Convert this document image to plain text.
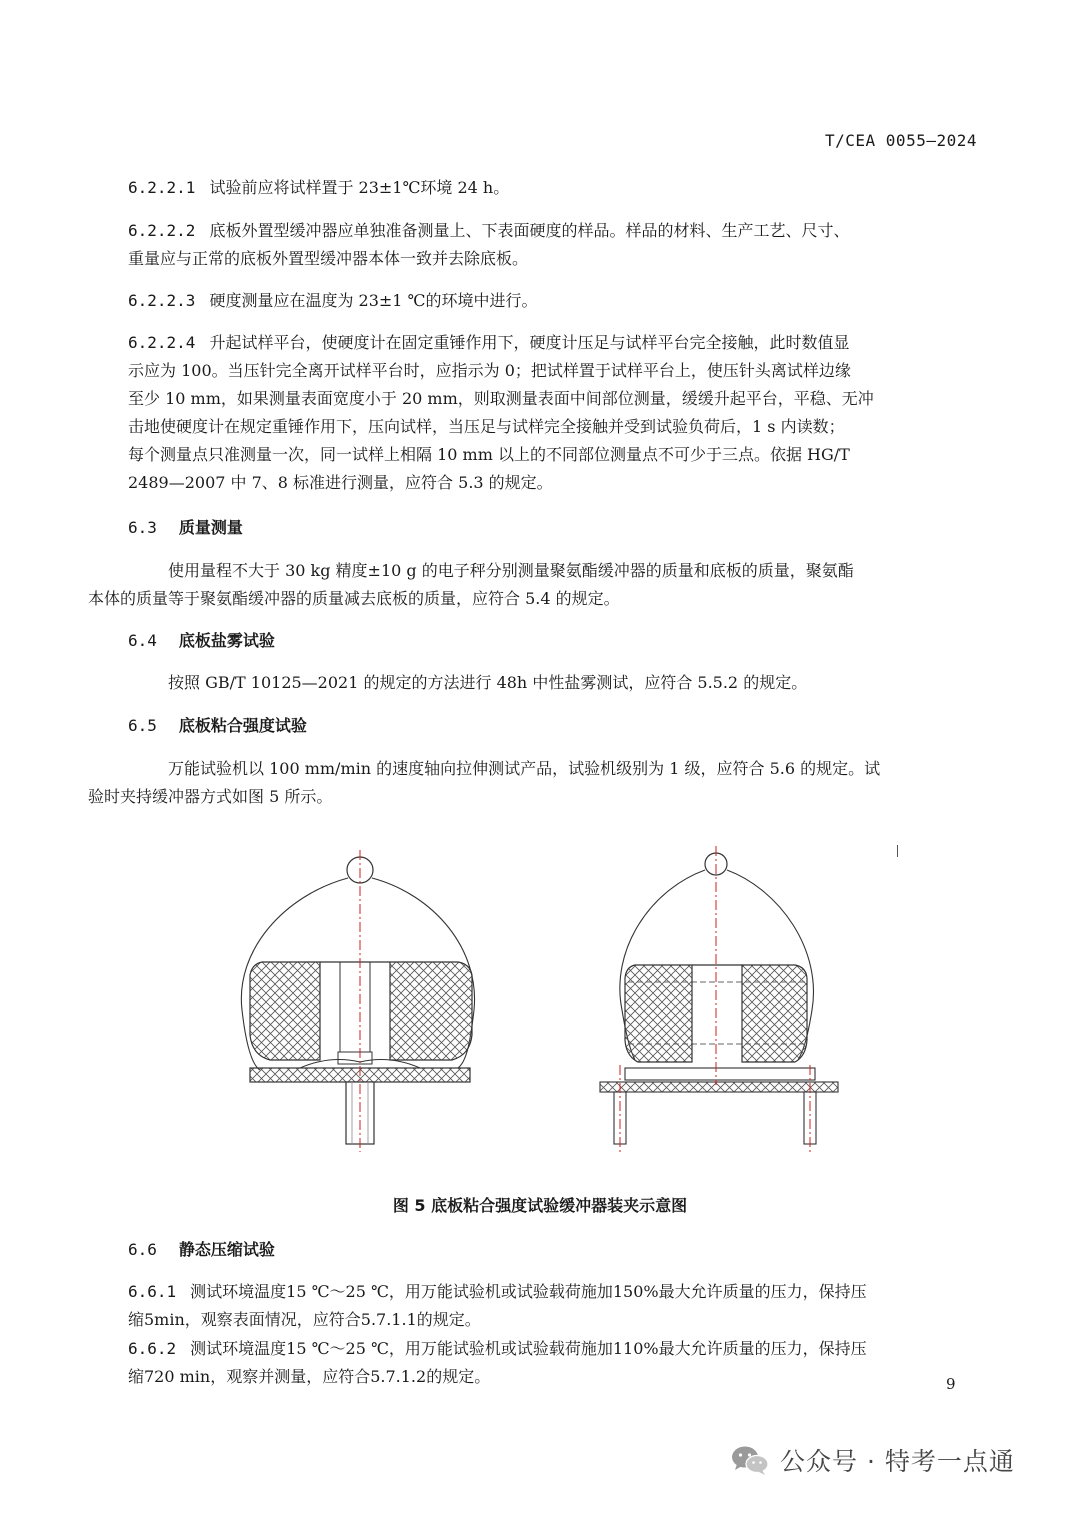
T/CEA 0055—2024

6.2.2.1 试验前应将试样置于 23±1℃环境 24 h。

6.2.2.2 底板外置型缓冲器应单独准备测量上、下表面硬度的样品。样品的材料、生产工艺、尺寸、
重量应与正常的底板外置型缓冲器本体一致并去除底板。

6.2.2.3 硬度测量应在温度为 23±1 ℃的环境中进行。

6.2.2.4 升起试样平台，使硬度计在固定重锤作用下，硬度计压足与试样平台完全接触，此时数值显
示应为 100。当压针完全离开试样平台时，应指示为 0；把试样置于试样平台上，使压针头离试样边缘
至少 10 mm，如果测量表面宽度小于 20 mm，则取测量表面中间部位测量，缓缓升起平台，平稳、无冲
击地使硬度计在规定重锤作用下，压向试样，当压足与试样完全接触并受到试验负荷后，1 s 内读数；
每个测量点只准测量一次，同一试样上相隔 10 mm 以上的不同部位测量点不可少于三点。依据 HG/T
2489—2007 中 7、8 标准进行测量，应符合 5.3 的规定。

6.3 质量测量

使用量程不大于 30 kg 精度±10 g 的电子秤分别测量聚氨酯缓冲器的质量和底板的质量，聚氨酯
本体的质量等于聚氨酯缓冲器的质量减去底板的质量，应符合 5.4 的规定。

6.4 底板盐雾试验

按照 GB/T 10125—2021 的规定的方法进行 48h 中性盐雾测试，应符合 5.5.2 的规定。

6.5 底板粘合强度试验

万能试验机以 100 mm/min 的速度轴向拉伸测试产品，试验机级别为 1 级，应符合 5.6 的规定。试
验时夹持缓冲器方式如图 5 所示。

图 5 底板粘合强度试验缓冲器装夹示意图
6.6 静态压缩试验

6.6.1 测试环境温度15 ℃～25 ℃，用万能试验机或试验载荷施加150%最大允许质量的压力，保持压
缩5min，观察表面情况，应符合5.7.1.1的规定。

6.6.2 测试环境温度15 ℃～25 ℃，用万能试验机或试验载荷施加110%最大允许质量的压力，保持压
缩720 min，观察并测量，应符合5.7.1.2的规定。	9
公众号 · 特考一点通
